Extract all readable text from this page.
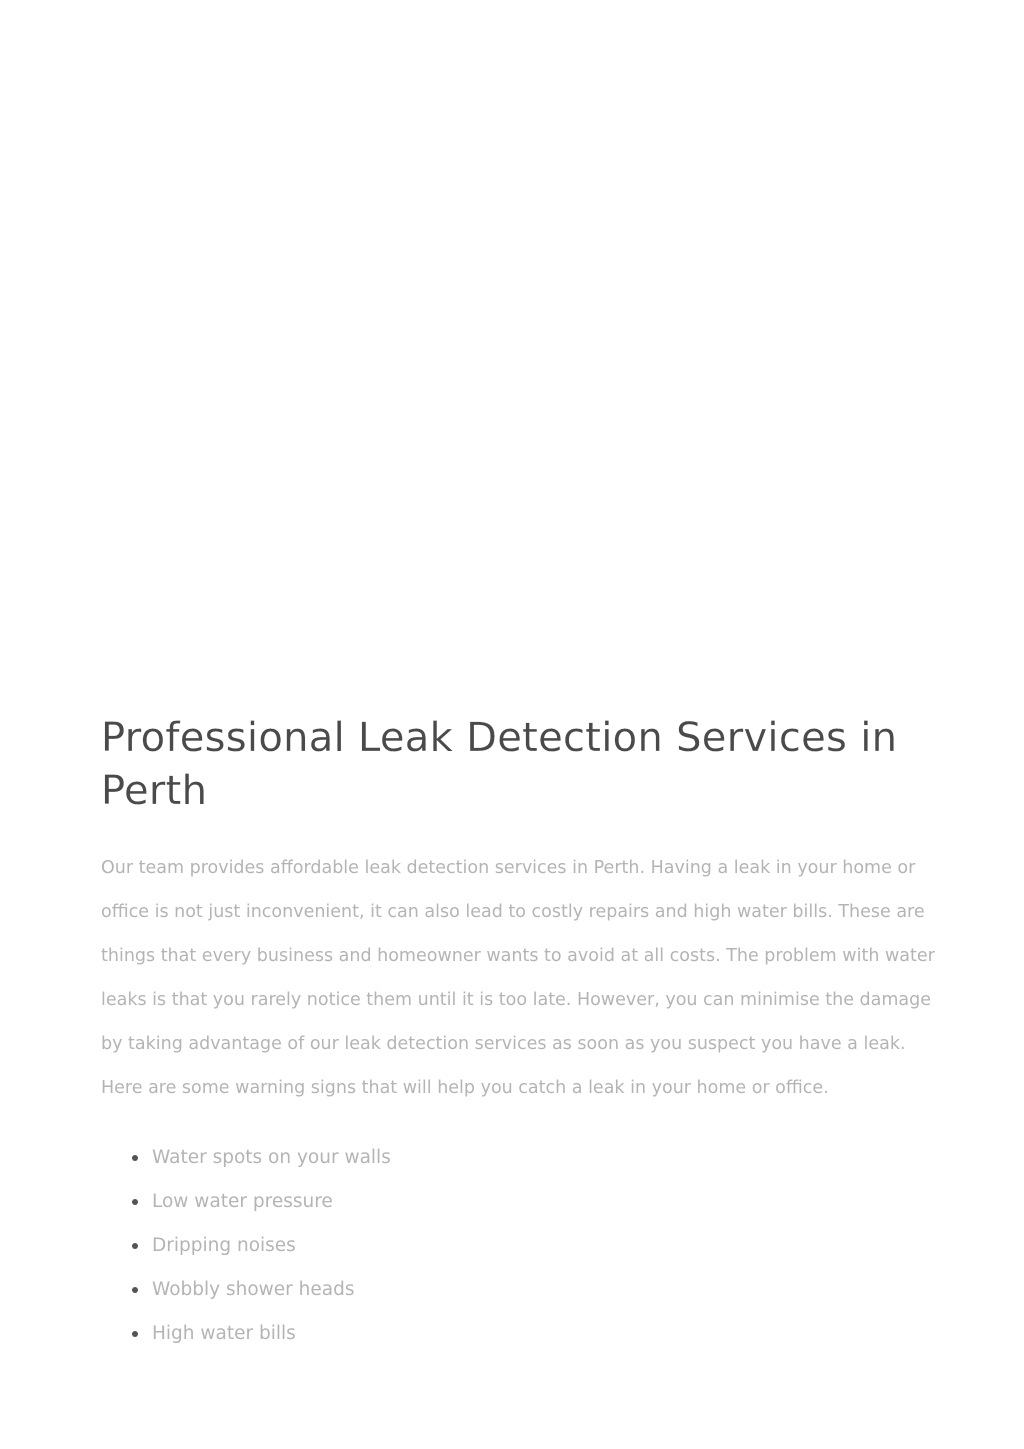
Professional Leak Detection Services in Perth

Our team provides affordable leak detection services in Perth. Having a leak in your home or office is not just inconvenient, it can also lead to costly repairs and high water bills. These are things that every business and homeowner wants to avoid at all costs. The problem with water leaks is that you rarely notice them until it is too late. However, you can minimise the damage by taking advantage of our leak detection services as soon as you suspect you have a leak. Here are some warning signs that will help you catch a leak in your home or office.

Water spots on your walls
Low water pressure
Dripping noises
Wobbly shower heads
High water bills
